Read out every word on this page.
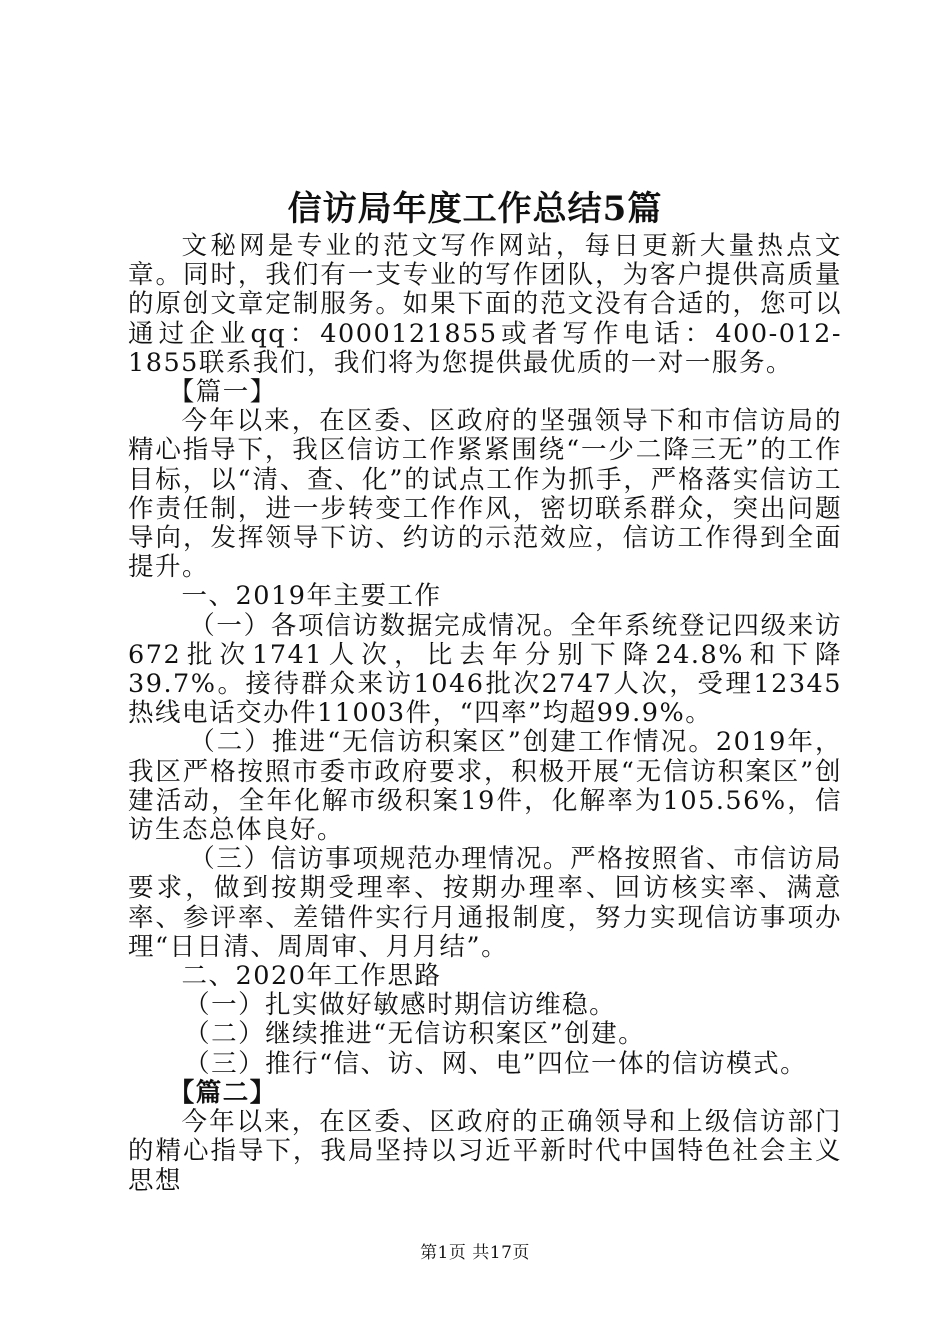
信访局年度工作总结5篇

文秘网是专业的范文写作网站，每日更新大量热点文章。同时，我们有一支专业的写作团队，为客户提供高质量的原创文章定制服务。如果下面的范文没有合适的，您可以通过企业qq：4000121855或者写作电话：400-012-1855联系我们，我们将为您提供最优质的一对一服务。

【篇一】

今年以来，在区委、区政府的坚强领导下和市信访局的精心指导下，我区信访工作紧紧围绕“一少二降三无”的工作目标，以“清、查、化”的试点工作为抓手，严格落实信访工作责任制，进一步转变工作作风，密切联系群众，突出问题导向，发挥领导下访、约访的示范效应，信访工作得到全面提升。

一、2019年主要工作

（一）各项信访数据完成情况。全年系统登记四级来访672批次1741人次，比去年分别下降24.8%和下降39.7%。接待群众来访1046批次2747人次，受理12345热线电话交办件11003件，“四率”均超99.9%。

（二）推进“无信访积案区”创建工作情况。2019年，我区严格按照市委市政府要求，积极开展“无信访积案区”创建活动，全年化解市级积案19件，化解率为105.56%，信访生态总体良好。

（三）信访事项规范办理情况。严格按照省、市信访局要求，做到按期受理率、按期办理率、回访核实率、满意率、参评率、差错件实行月通报制度，努力实现信访事项办理“日日清、周周审、月月结”。

二、2020年工作思路

（一）扎实做好敏感时期信访维稳。

（二）继续推进“无信访积案区”创建。

（三）推行“信、访、网、电”四位一体的信访模式。

【篇二】

今年以来，在区委、区政府的正确领导和上级信访部门的精心指导下，我局坚持以习近平新时代中国特色社会主义思想

第1页 共17页
